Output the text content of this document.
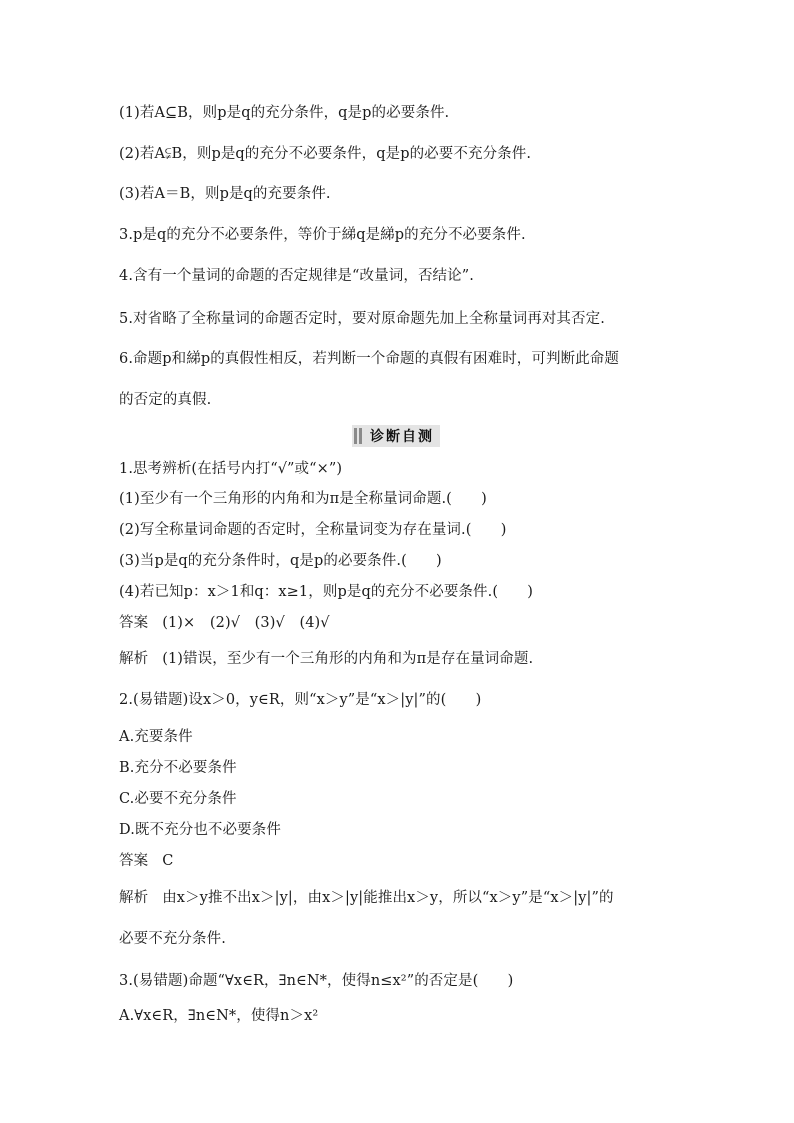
(1)若A⊆B，则p是q的充分条件，q是p的必要条件.
(2)若A⫋B，则p是q的充分不必要条件，q是p的必要不充分条件.
(3)若A＝B，则p是q的充要条件.
3.p是q的充分不必要条件，等价于綈q是綈p的充分不必要条件.
4.含有一个量词的命题的否定规律是“改量词，否结论”.
5.对省略了全称量词的命题否定时，要对原命题先加上全称量词再对其否定.
6.命题p和綈p的真假性相反，若判断一个命题的真假有困难时，可判断此命题
的否定的真假.
诊断自测
1.思考辨析(在括号内打“√”或“×”)
(1)至少有一个三角形的内角和为π是全称量词命题.(　　)
(2)写全称量词命题的否定时，全称量词变为存在量词.(　　)
(3)当p是q的充分条件时，q是p的必要条件.(　　)
(4)若已知p：x＞1和q：x≥1，则p是q的充分不必要条件.(　　)
答案 (1)×　(2)√　(3)√　(4)√
解析 (1)错误，至少有一个三角形的内角和为π是存在量词命题.
2.(易错题)设x＞0，y∈R，则“x＞y”是“x＞|y|”的(　　)
A.充要条件
B.充分不必要条件
C.必要不充分条件
D.既不充分也不必要条件
答案 C
解析 由x＞y推不出x＞|y|，由x＞|y|能推出x＞y，所以“x＞y”是“x＞|y|”的
必要不充分条件.
3.(易错题)命题“∀x∈R，∃n∈N*，使得n≤x²”的否定是(　　)
A.∀x∈R，∃n∈N*，使得n＞x²
